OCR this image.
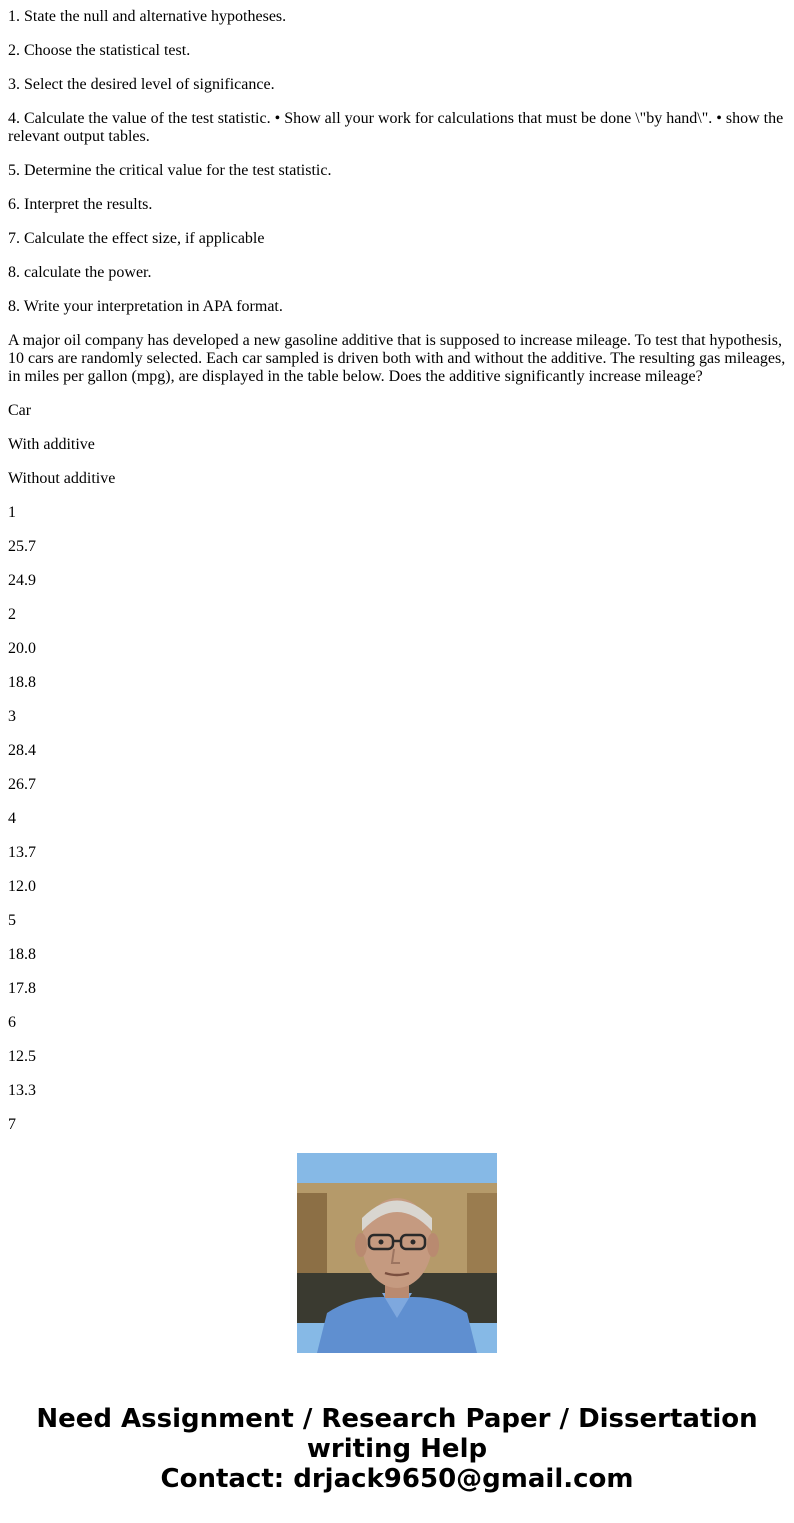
1. State the null and alternative hypotheses.

2. Choose the statistical test.

3. Select the desired level of significance.

4. Calculate the value of the test statistic. • Show all your work for calculations that must be done \"by hand\". • show the relevant output tables.

5. Determine the critical value for the test statistic.

6. Interpret the results.

7. Calculate the effect size, if applicable

8. calculate the power.

8. Write your interpretation in APA format.

A major oil company has developed a new gasoline additive that is supposed to increase mileage. To test that hypothesis, 10 cars are randomly selected. Each car sampled is driven both with and without the additive. The resulting gas mileages, in miles per gallon (mpg), are displayed in the table below. Does the additive significantly increase mileage?

Car

With additive

Without additive

1

25.7

24.9

2

20.0

18.8

3

28.4

26.7

4

13.7

12.0

5

18.8

17.8

6

12.5

13.3

7

Need Assignment / Research Paper / Dissertation
writing Help
Contact: drjack9650@gmail.com
